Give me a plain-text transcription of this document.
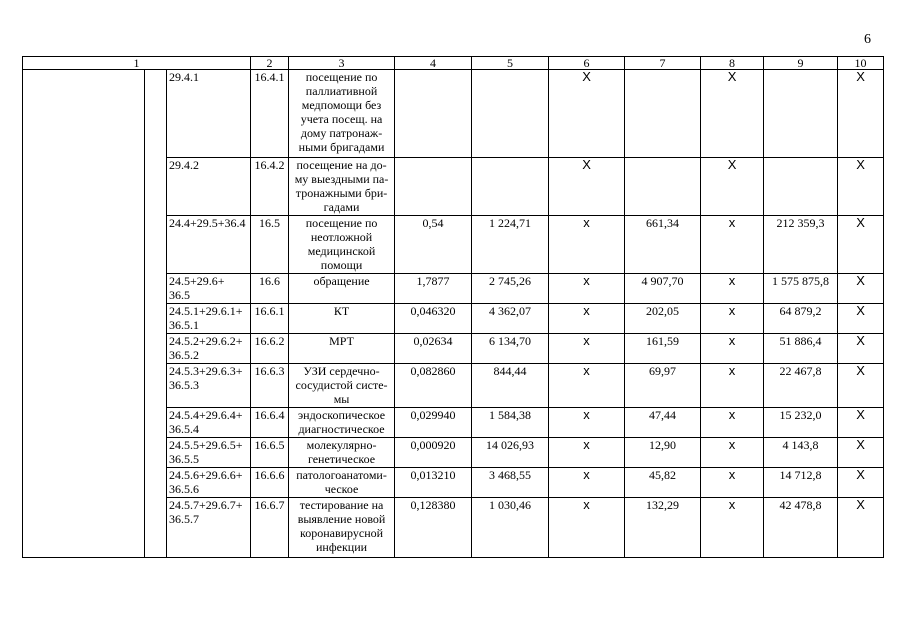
6
1			2	3	4	5	6	7	8	9	10
		29.4.1	16.4.1	посещение по паллиативной медпомощи без учета посещ. на дому патронаж-ными бригадами			X		X		X
		29.4.2	16.4.2	посещение на до-му выездными па-тронажными бри-гадами			X		X		X
		24.4+29.5+36.4	16.5	посещение по неотложной медицинской помощи	0,54	1 224,71	x	661,34	x	212 359,3	X
		24.5+29.6+ 36.5	16.6	обращение	1,7877	2 745,26	x	4 907,70	x	1 575 875,8	X
		24.5.1+29.6.1+ 36.5.1	16.6.1	КТ	0,046320	4 362,07	x	202,05	x	64 879,2	X
		24.5.2+29.6.2+ 36.5.2	16.6.2	МРТ	0,02634	6 134,70	x	161,59	x	51 886,4	X
		24.5.3+29.6.3+ 36.5.3	16.6.3	УЗИ сердечно-сосудистой систе-мы	0,082860	844,44	x	69,97	x	22 467,8	X
		24.5.4+29.6.4+ 36.5.4	16.6.4	эндоскопическое диагностическое	0,029940	1 584,38	x	47,44	x	15 232,0	X
		24.5.5+29.6.5+ 36.5.5	16.6.5	молекулярно-генетическое	0,000920	14 026,93	x	12,90	x	4 143,8	X
		24.5.6+29.6.6+ 36.5.6	16.6.6	патологоанатоми-ческое	0,013210	3 468,55	x	45,82	x	14 712,8	X
		24.5.7+29.6.7+ 36.5.7	16.6.7	тестирование на выявление новой коронавирусной инфекции	0,128380	1 030,46	x	132,29	x	42 478,8	X
